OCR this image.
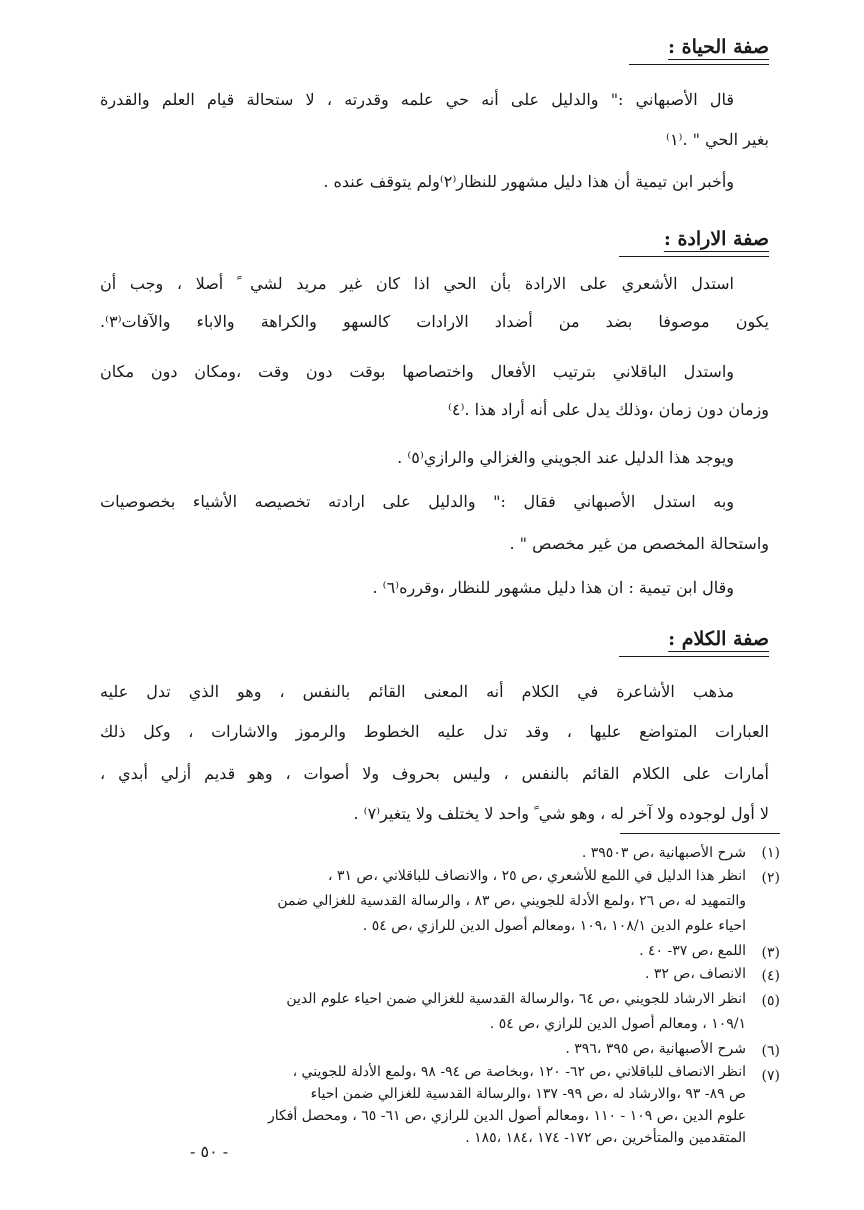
صفة الحياة :
قال الأصبهاني :" والدليل على أنه حي علمه وقدرته ، لا ستحالة قيام العلم والقدرة
بغير الحي " .⁽١⁾
وأخبر ابن تيمية أن هذا دليل مشهور للنظار⁽٢⁾ولم يتوقف عنده .
صفة الارادة :
استدل الأشعري على الارادة بأن الحي اذا كان غير مريد لشي ً أصلا ، وجب أن
يكون موصوفا بضد من أضداد الارادات كالسهو والكراهة والاباء والآفات⁽٣⁾.
واستدل الباقلاني بترتيب الأفعال واختصاصها بوقت دون وقت ،ومكان دون مكان
وزمان دون زمان ،وذلك يدل على أنه أراد هذا .⁽٤⁾
ويوجد هذا الدليل عند الجويني والغزالي والرازي⁽٥⁾ .
وبه استدل الأصبهاني فقال :" والدليل على ارادته تخصيصه الأشياء بخصوصيات
واستحالة المخصص من غير مخصص " .
وقال ابن تيمية : ان هذا دليل مشهور للنظار ،وقرره⁽٦⁾ .
صفة الكلام :
مذهب الأشاعرة في الكلام أنه المعنى القائم بالنفس ، وهو الذي تدل عليه
العبارات المتواضع عليها ، وقد تدل عليه الخطوط والرموز والاشارات ، وكل ذلك
أمارات على الكلام القائم بالنفس ، وليس بحروف ولا أصوات ، وهو قديم أزلي أبدي ،
لا أول لوجوده ولا آخر له ، وهو شي ً واحد لا يختلف ولا يتغير⁽٧⁾ .
(١)
شرح الأصبهانية ،ص ٣٩٥٠٣ .
(٢)
انظر هذا الدليل في اللمع للأشعري ،ص ٢٥ ، والانصاف للباقلاني ،ص ٣١ ،
والتمهيد له ،ص ٢٦ ،ولمع الأدلة للجويني ،ص ٨٣ ، والرسالة القدسية للغزالي ضمن
احياء علوم الدين ١٠٨/١ ،١٠٩ ،ومعالم أصول الدين للرازي ،ص ٥٤ .
(٣)
اللمع ،ص ٣٧- ٤٠ .
(٤)
الانصاف ،ص ٣٢ .
(٥)
انظر الارشاد للجويني ،ص ٦٤ ،والرسالة القدسية للغزالي ضمن احياء علوم الدين
١٠٩/١ ، ومعالم أصول الدين للرازي ،ص ٥٤ .
(٦)
شرح الأصبهانية ،ص ٣٩٥ ،٣٩٦ .
(٧)
انظر الانصاف للباقلاني ،ص ٦٢- ١٢٠ ،وبخاصة ص ٩٤- ٩٨ ،ولمع الأدلة للجويني ،
ص ٨٩- ٩٣ ،والارشاد له ،ص ٩٩- ١٣٧ ،والرسالة القدسية للغزالي ضمن احياء
علوم الدين ،ص ١٠٩ - ١١٠ ،ومعالم أصول الدين للرازي ،ص ٦١- ٦٥ ، ومحصل أفكار
المتقدمين والمتأخرين ،ص ١٧٢- ١٧٤ ،١٨٤ ،١٨٥ .
- ٥٠ -
